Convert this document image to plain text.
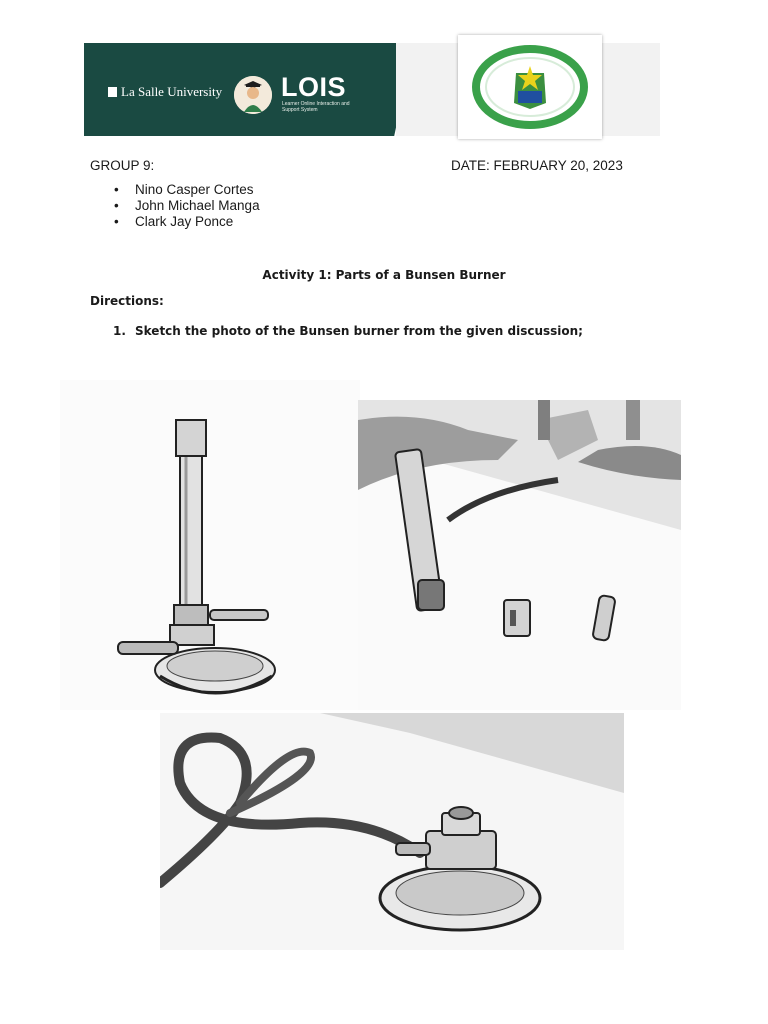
La Salle University LOIS
Learner Online Interaction and Support System
GROUP 9:	DATE: FEBRUARY 20, 2023
• Nino Casper Cortes
• John Michael Manga
• Clark Jay Ponce
Activity 1: Parts of a Bunsen Burner
Directions:
1. Sketch the photo of the Bunsen burner from the given discussion;
